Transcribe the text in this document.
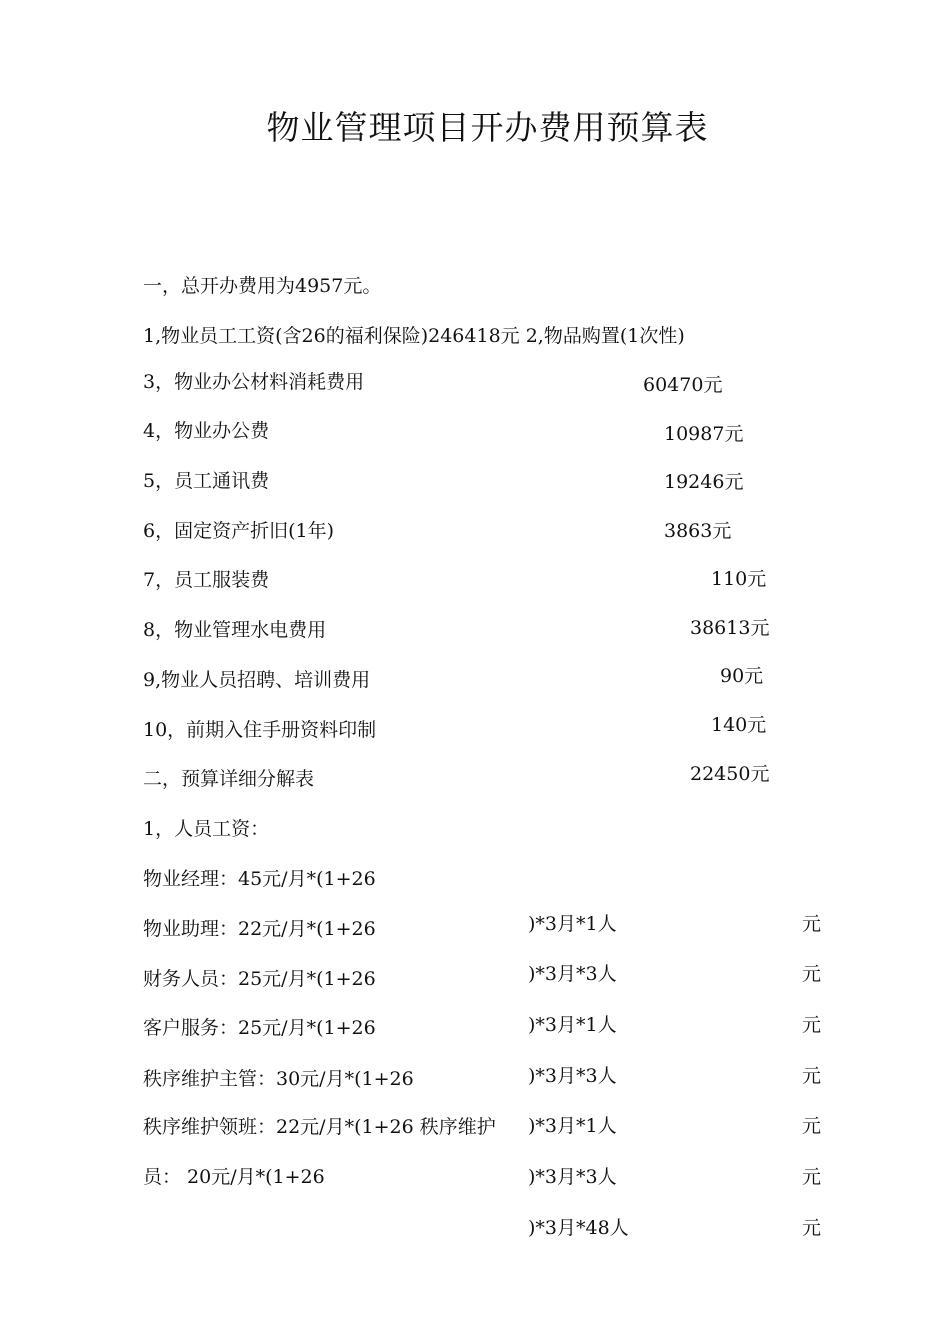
物业管理项目开办费用预算表
一，总开办费用为4957元。
1,物业员工工资(含26的福利保险)246418元 2,物品购置(1次性)
3，物业办公材料消耗费用
4，物业办公费
5，员工通讯费
6，固定资产折旧(1年)
7，员工服装费
8，物业管理水电费用
9,物业人员招聘、培训费用
10，前期入住手册资料印制
二，预算详细分解表
60470元
10987元
19246元
3863元
110元
38613元
90元
140元
22450元
1，人员工资：
物业经理：45元/月*(1+26
物业助理：22元/月*(1+26
财务人员：25元/月*(1+26
客户服务：25元/月*(1+26
秩序维护主管：30元/月*(1+26
秩序维护领班：22元/月*(1+26 秩序维护
员： 20元/月*(1+26
)*3月*1人
)*3月*3人
)*3月*1人
)*3月*3人
)*3月*1人
)*3月*3人
)*3月*48人
元
元
元
元
元
元
元
